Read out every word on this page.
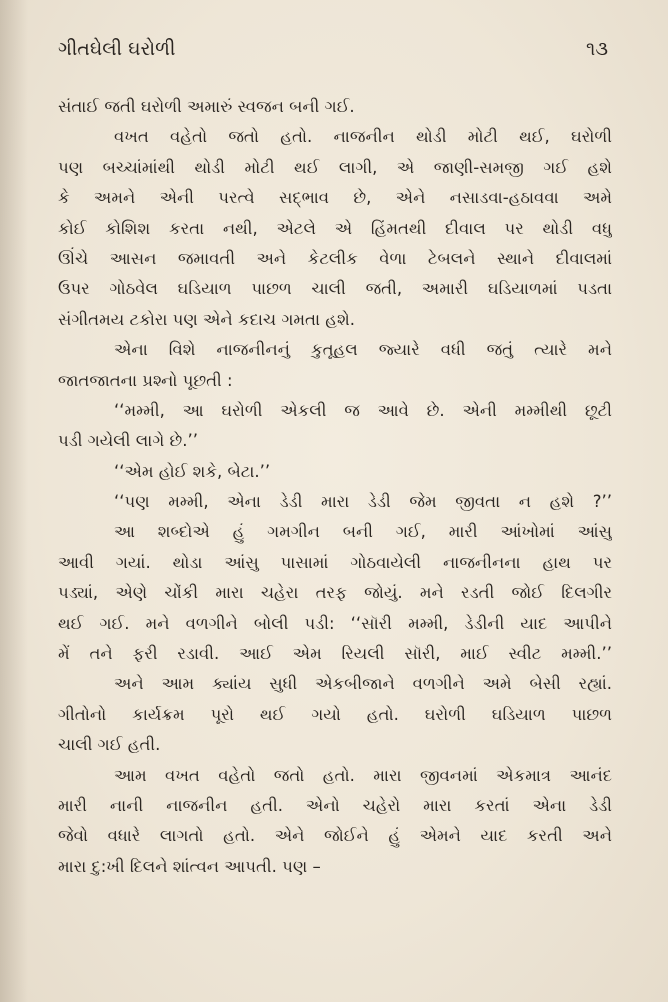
ગીતઘેલી ઘરોળી	૧૩
સંતાઈ જતી ઘરોળી અમારું સ્વજન બની ગઈ.
વખત વહેતો જતો હતો. નાજનીન થોડી મોટી થઈ, ઘરોળી
પણ બચ્ચાંમાંથી થોડી મોટી થઈ લાગી, એ જાણી-સમજી ગઈ હશે
કે અમને એની પરત્વે સદ્ભાવ છે, એને નસાડવા-હઠાવવા અમે
કોઈ કોશિશ કરતા નથી, એટલે એ હિંમતથી દીવાલ પર થોડી વધુ
ઊંચે આસન જમાવતી અને કેટલીક વેળા ટેબલને સ્થાને દીવાલમાં
ઉપર ગોઠવેલ ઘડિયાળ પાછળ ચાલી જતી, અમારી ઘડિયાળમાં પડતા
સંગીતમય ટકોરા પણ એને કદાચ ગમતા હશે.
એના વિશે નાજનીનનું કુતૂહલ જ્યારે વધી જતું ત્યારે મને
જાતજાતના પ્રશ્નો પૂછતી :
‘‘મમ્મી, આ ઘરોળી એકલી જ આવે છે. એની મમ્મીથી છૂટી
પડી ગયેલી લાગે છે.’’
‘‘એમ હોઈ શકે, બેટા.’’
‘‘પણ મમ્મી, એના ડેડી મારા ડેડી જેમ જીવતા ન હશે ?’’
આ શબ્દોએ હું ગમગીન બની ગઈ, મારી આંખોમાં આંસુ
આવી ગયાં. થોડા આંસુ પાસામાં ગોઠવાયેલી નાજનીનના હાથ પર
પડ્યાં, એણે ચોંકી મારા ચહેરા તરફ જોયું. મને રડતી જોઈ દિલગીર
થઈ ગઈ. મને વળગીને બોલી પડી: ‘‘સૉરી મમ્મી, ડેડીની યાદ આપીને
મેં તને ફરી રડાવી. આઈ એમ રિયલી સૉરી, માઈ સ્વીટ મમ્મી.’’
અને આમ ક્યાંય સુધી એકબીજાને વળગીને અમે બેસી રહ્યાં.
ગીતોનો કાર્યક્રમ પૂરો થઈ ગયો હતો. ઘરોળી ઘડિયાળ પાછળ
ચાલી ગઈ હતી.
આમ વખત વહેતો જતો હતો. મારા જીવનમાં એકમાત્ર આનંદ
મારી નાની નાજનીન હતી. એનો ચહેરો મારા કરતાં એના ડેડી
જેવો વધારે લાગતો હતો. એને જોઈને હું એમને યાદ કરતી અને
મારા દુ:ખી દિલને શાંત્વન આપતી. પણ –
